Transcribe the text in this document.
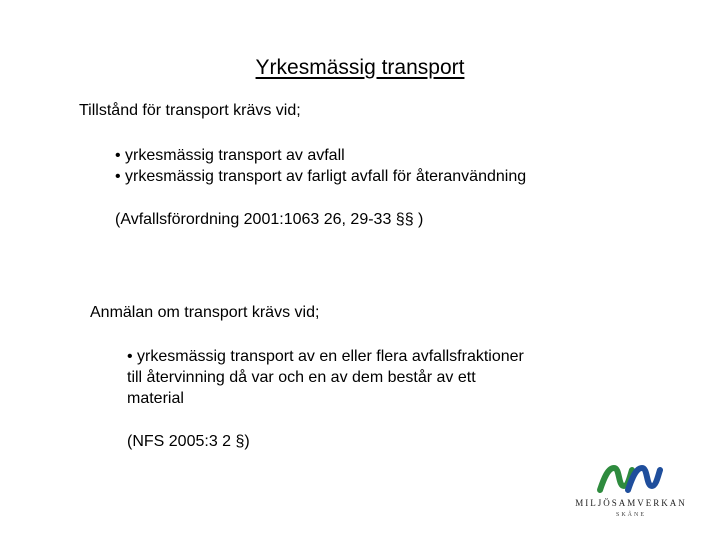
Yrkesmässig transport
Tillstånd för transport krävs vid;
• yrkesmässig transport av avfall
• yrkesmässig transport av farligt avfall för återanvändning
(Avfallsförordning 2001:1063 26, 29-33 §§ )
Anmälan om transport krävs vid;
• yrkesmässig transport av en eller flera avfallsfraktioner
till återvinning då var och en av dem består av ett
material
(NFS 2005:3 2 §)
MILJÖSAMVERKAN
SKÅNE
